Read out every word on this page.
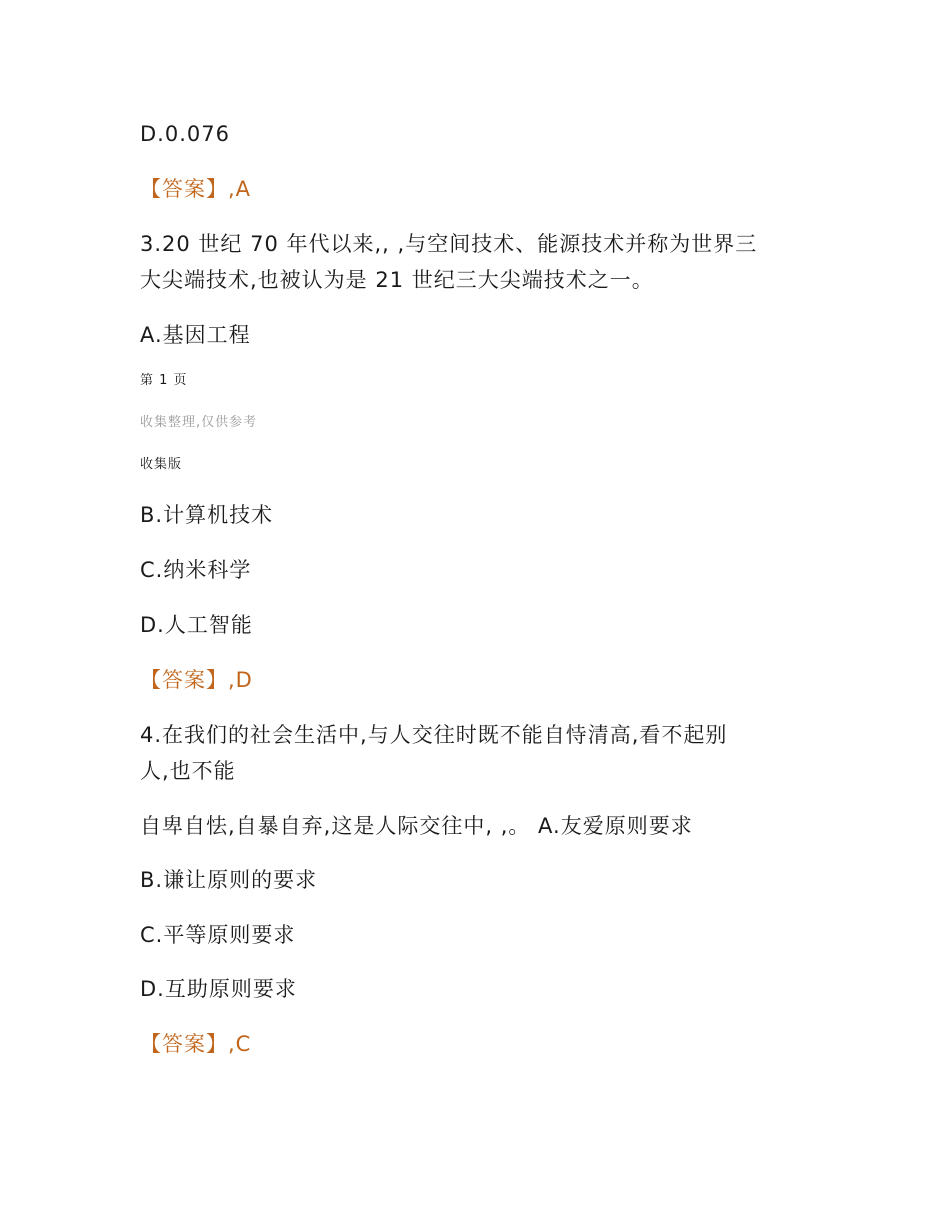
D.0.076
【答案】,A
3.20 世纪 70 年代以来,, ,与空间技术、能源技术并称为世界三
大尖端技术,也被认为是 21 世纪三大尖端技术之一。
A.基因工程
第 1 页
收集整理,仅供参考
收集版
B.计算机技术
C.纳米科学
D.人工智能
【答案】,D
4.在我们的社会生活中,与人交往时既不能自恃清高,看不起别
人,也不能
自卑自怯,自暴自弃,这是人际交往中, ,。 A.友爱原则要求
B.谦让原则的要求
C.平等原则要求
D.互助原则要求
【答案】,C
